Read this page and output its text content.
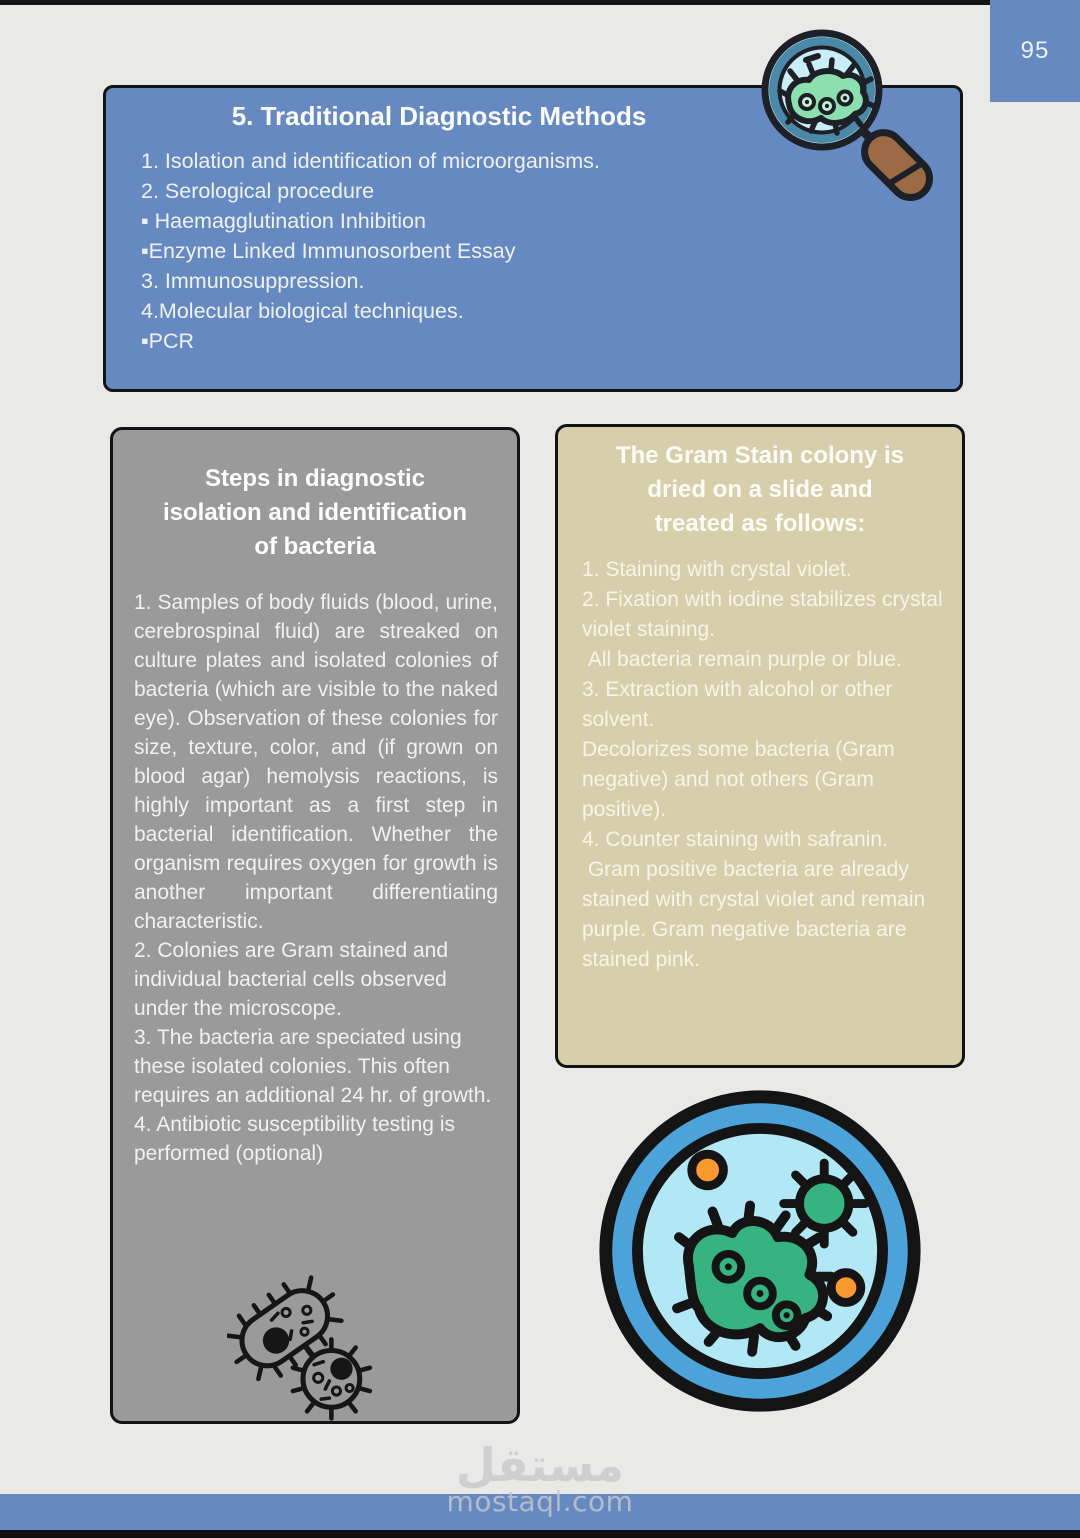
95
5. Traditional Diagnostic Methods
1. Isolation and identification of microorganisms.
2. Serological procedure
▪ Haemagglutination Inhibition
▪Enzyme Linked Immunosorbent Essay
3. Immunosuppression.
4.Molecular biological techniques.
▪PCR
Steps in diagnostic
isolation and identification
of bacteria
1. Samples of body fluids (blood, urine, cerebrospinal fluid) are streaked on culture plates and isolated colonies of bacteria (which are visible to the naked eye). Observation of these colonies for size, texture, color, and (if grown on blood agar) hemolysis reactions, is highly important as a first step in bacterial identification. Whether the organism requires oxygen for growth is another important differentiating characteristic.
2. Colonies are Gram stained and individual bacterial cells observed under the microscope.
3. The bacteria are speciated using these isolated colonies. This often requires an additional 24 hr. of growth.
4. Antibiotic susceptibility testing is performed (optional)
The Gram Stain colony is
dried on a slide and
treated as follows:
1. Staining with crystal violet.
2. Fixation with iodine stabilizes crystal violet staining.
All bacteria remain purple or blue.
3. Extraction with alcohol or other solvent.
Decolorizes some bacteria (Gram negative) and not others (Gram positive).
4. Counter staining with safranin.
Gram positive bacteria are already stained with crystal violet and remain purple. Gram negative bacteria are stained pink.
مستقل
mostaql.com
